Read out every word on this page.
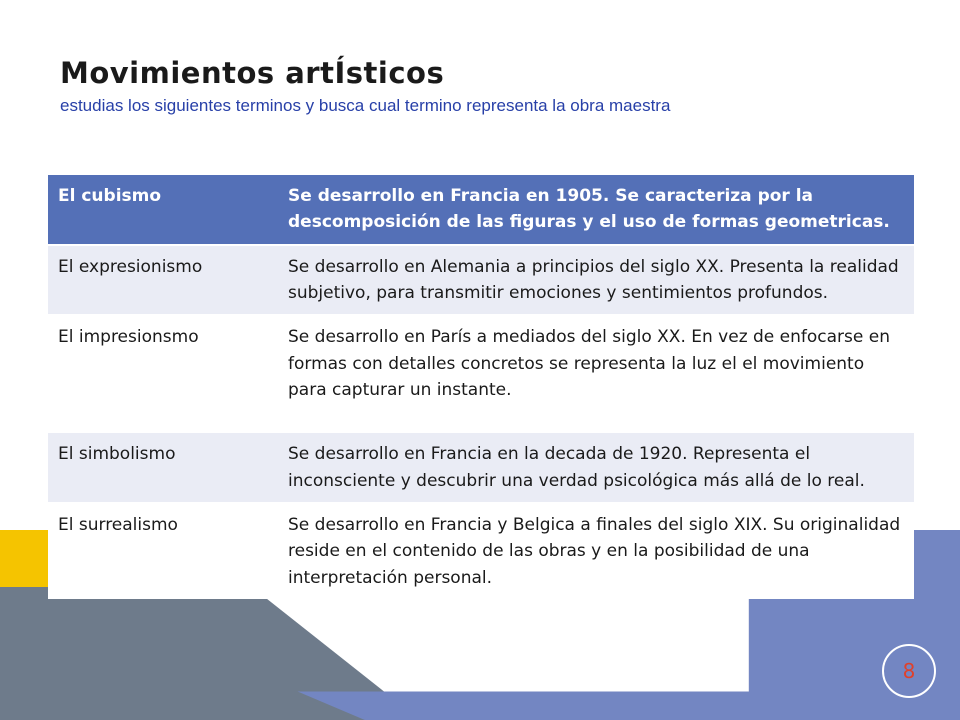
8
Movimientos artÍsticos
estudias los siguientes terminos y busca cual termino representa la obra maestra
El cubismo	Se desarrollo en Francia en 1905. Se caracteriza por la descomposición de las figuras y el uso de formas geometricas.
El expresionismo	Se desarrollo en Alemania a principios del siglo XX. Presenta la realidad subjetivo, para transmitir emociones y sentimientos profundos.
El impresionsmo	Se desarrollo en París a mediados del siglo XX. En vez de enfocarse en formas con detalles concretos se representa la luz el el movimiento para capturar un instante.
El simbolismo	Se desarrollo en Francia en la decada de 1920. Representa el inconsciente y descubrir una verdad psicológica más allá de lo real.
El surrealismo	Se desarrollo en Francia y Belgica a finales del siglo XIX. Su originalidad reside en el contenido de las obras y en la posibilidad de una interpretación personal.
